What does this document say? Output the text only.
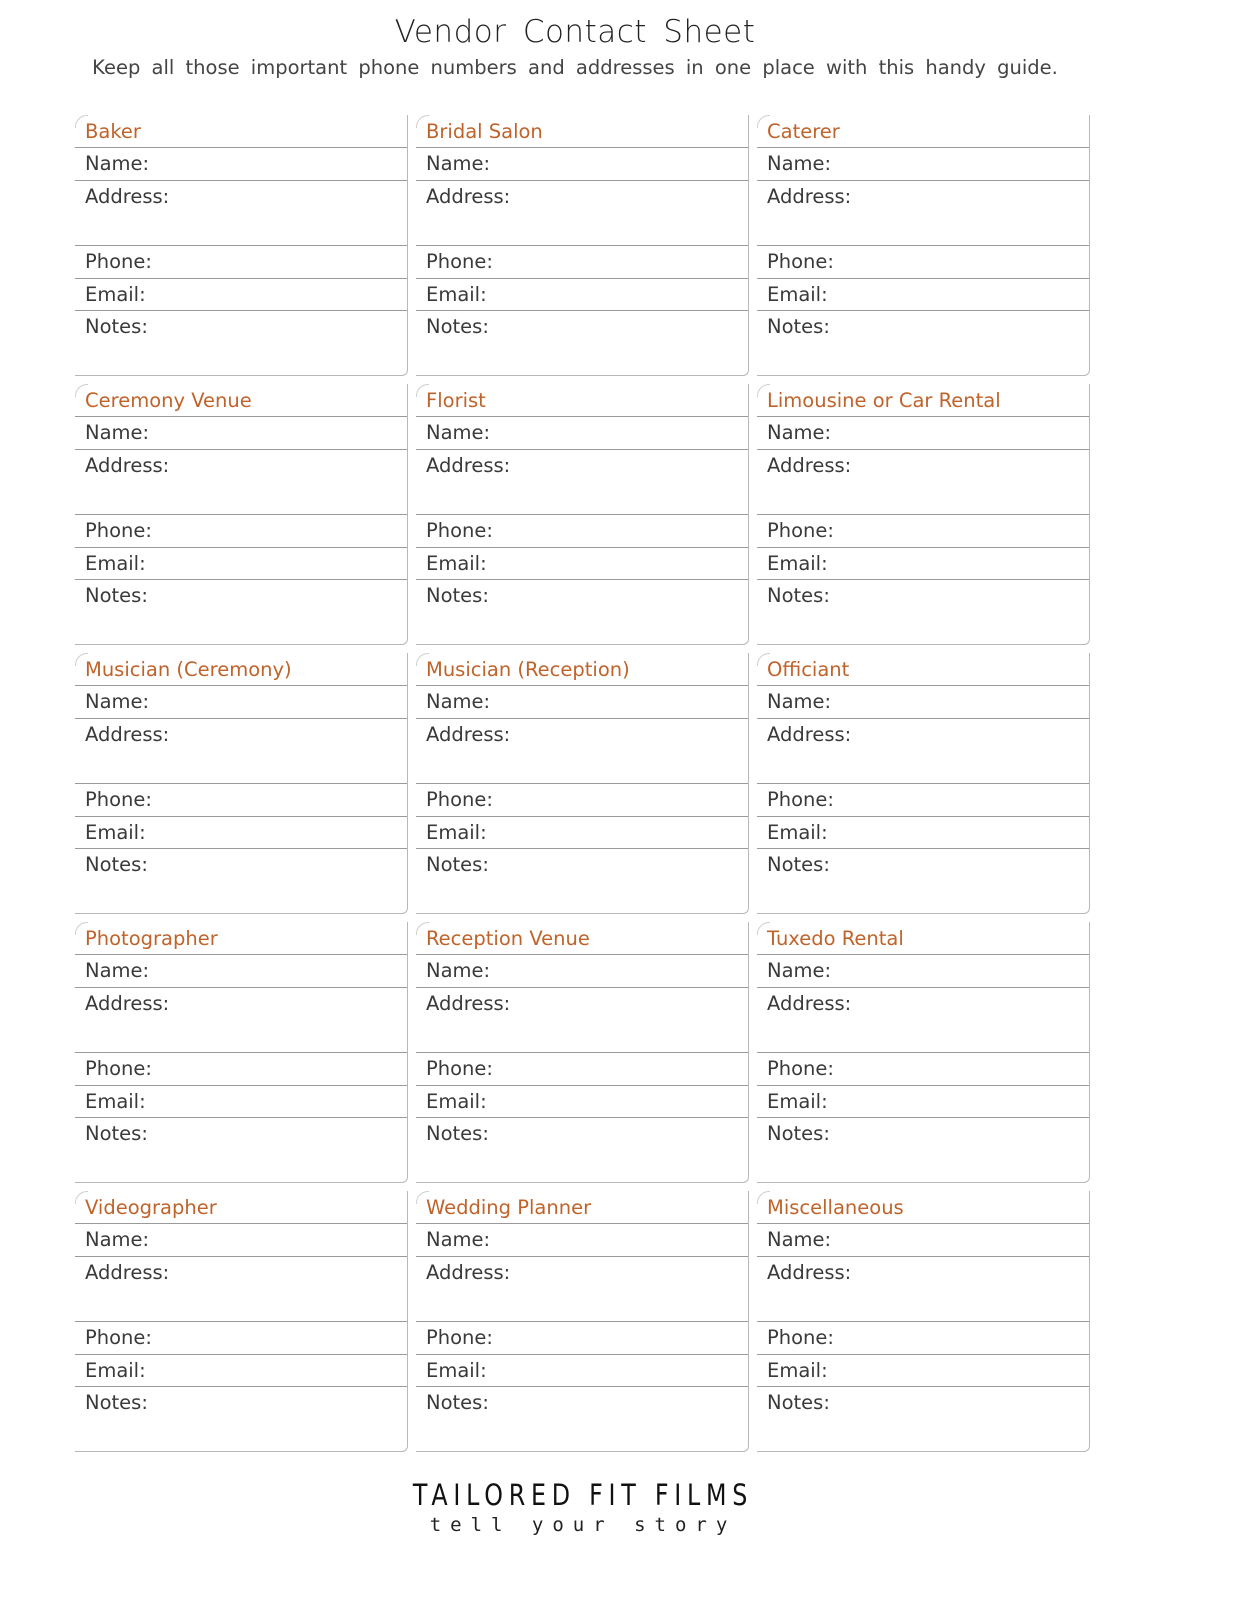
Vendor Contact Sheet
Keep all those important phone numbers and addresses in one place with this handy guide.
Baker
Name:
Address:
Phone:
Email:
Notes:
Bridal Salon
Name:
Address:
Phone:
Email:
Notes:
Caterer
Name:
Address:
Phone:
Email:
Notes:
Ceremony Venue
Name:
Address:
Phone:
Email:
Notes:
Florist
Name:
Address:
Phone:
Email:
Notes:
Limousine or Car Rental
Name:
Address:
Phone:
Email:
Notes:
Musician (Ceremony)
Name:
Address:
Phone:
Email:
Notes:
Musician (Reception)
Name:
Address:
Phone:
Email:
Notes:
Officiant
Name:
Address:
Phone:
Email:
Notes:
Photographer
Name:
Address:
Phone:
Email:
Notes:
Reception Venue
Name:
Address:
Phone:
Email:
Notes:
Tuxedo Rental
Name:
Address:
Phone:
Email:
Notes:
Videographer
Name:
Address:
Phone:
Email:
Notes:
Wedding Planner
Name:
Address:
Phone:
Email:
Notes:
Miscellaneous
Name:
Address:
Phone:
Email:
Notes:
TAILORED FIT FILMS
tell your story
